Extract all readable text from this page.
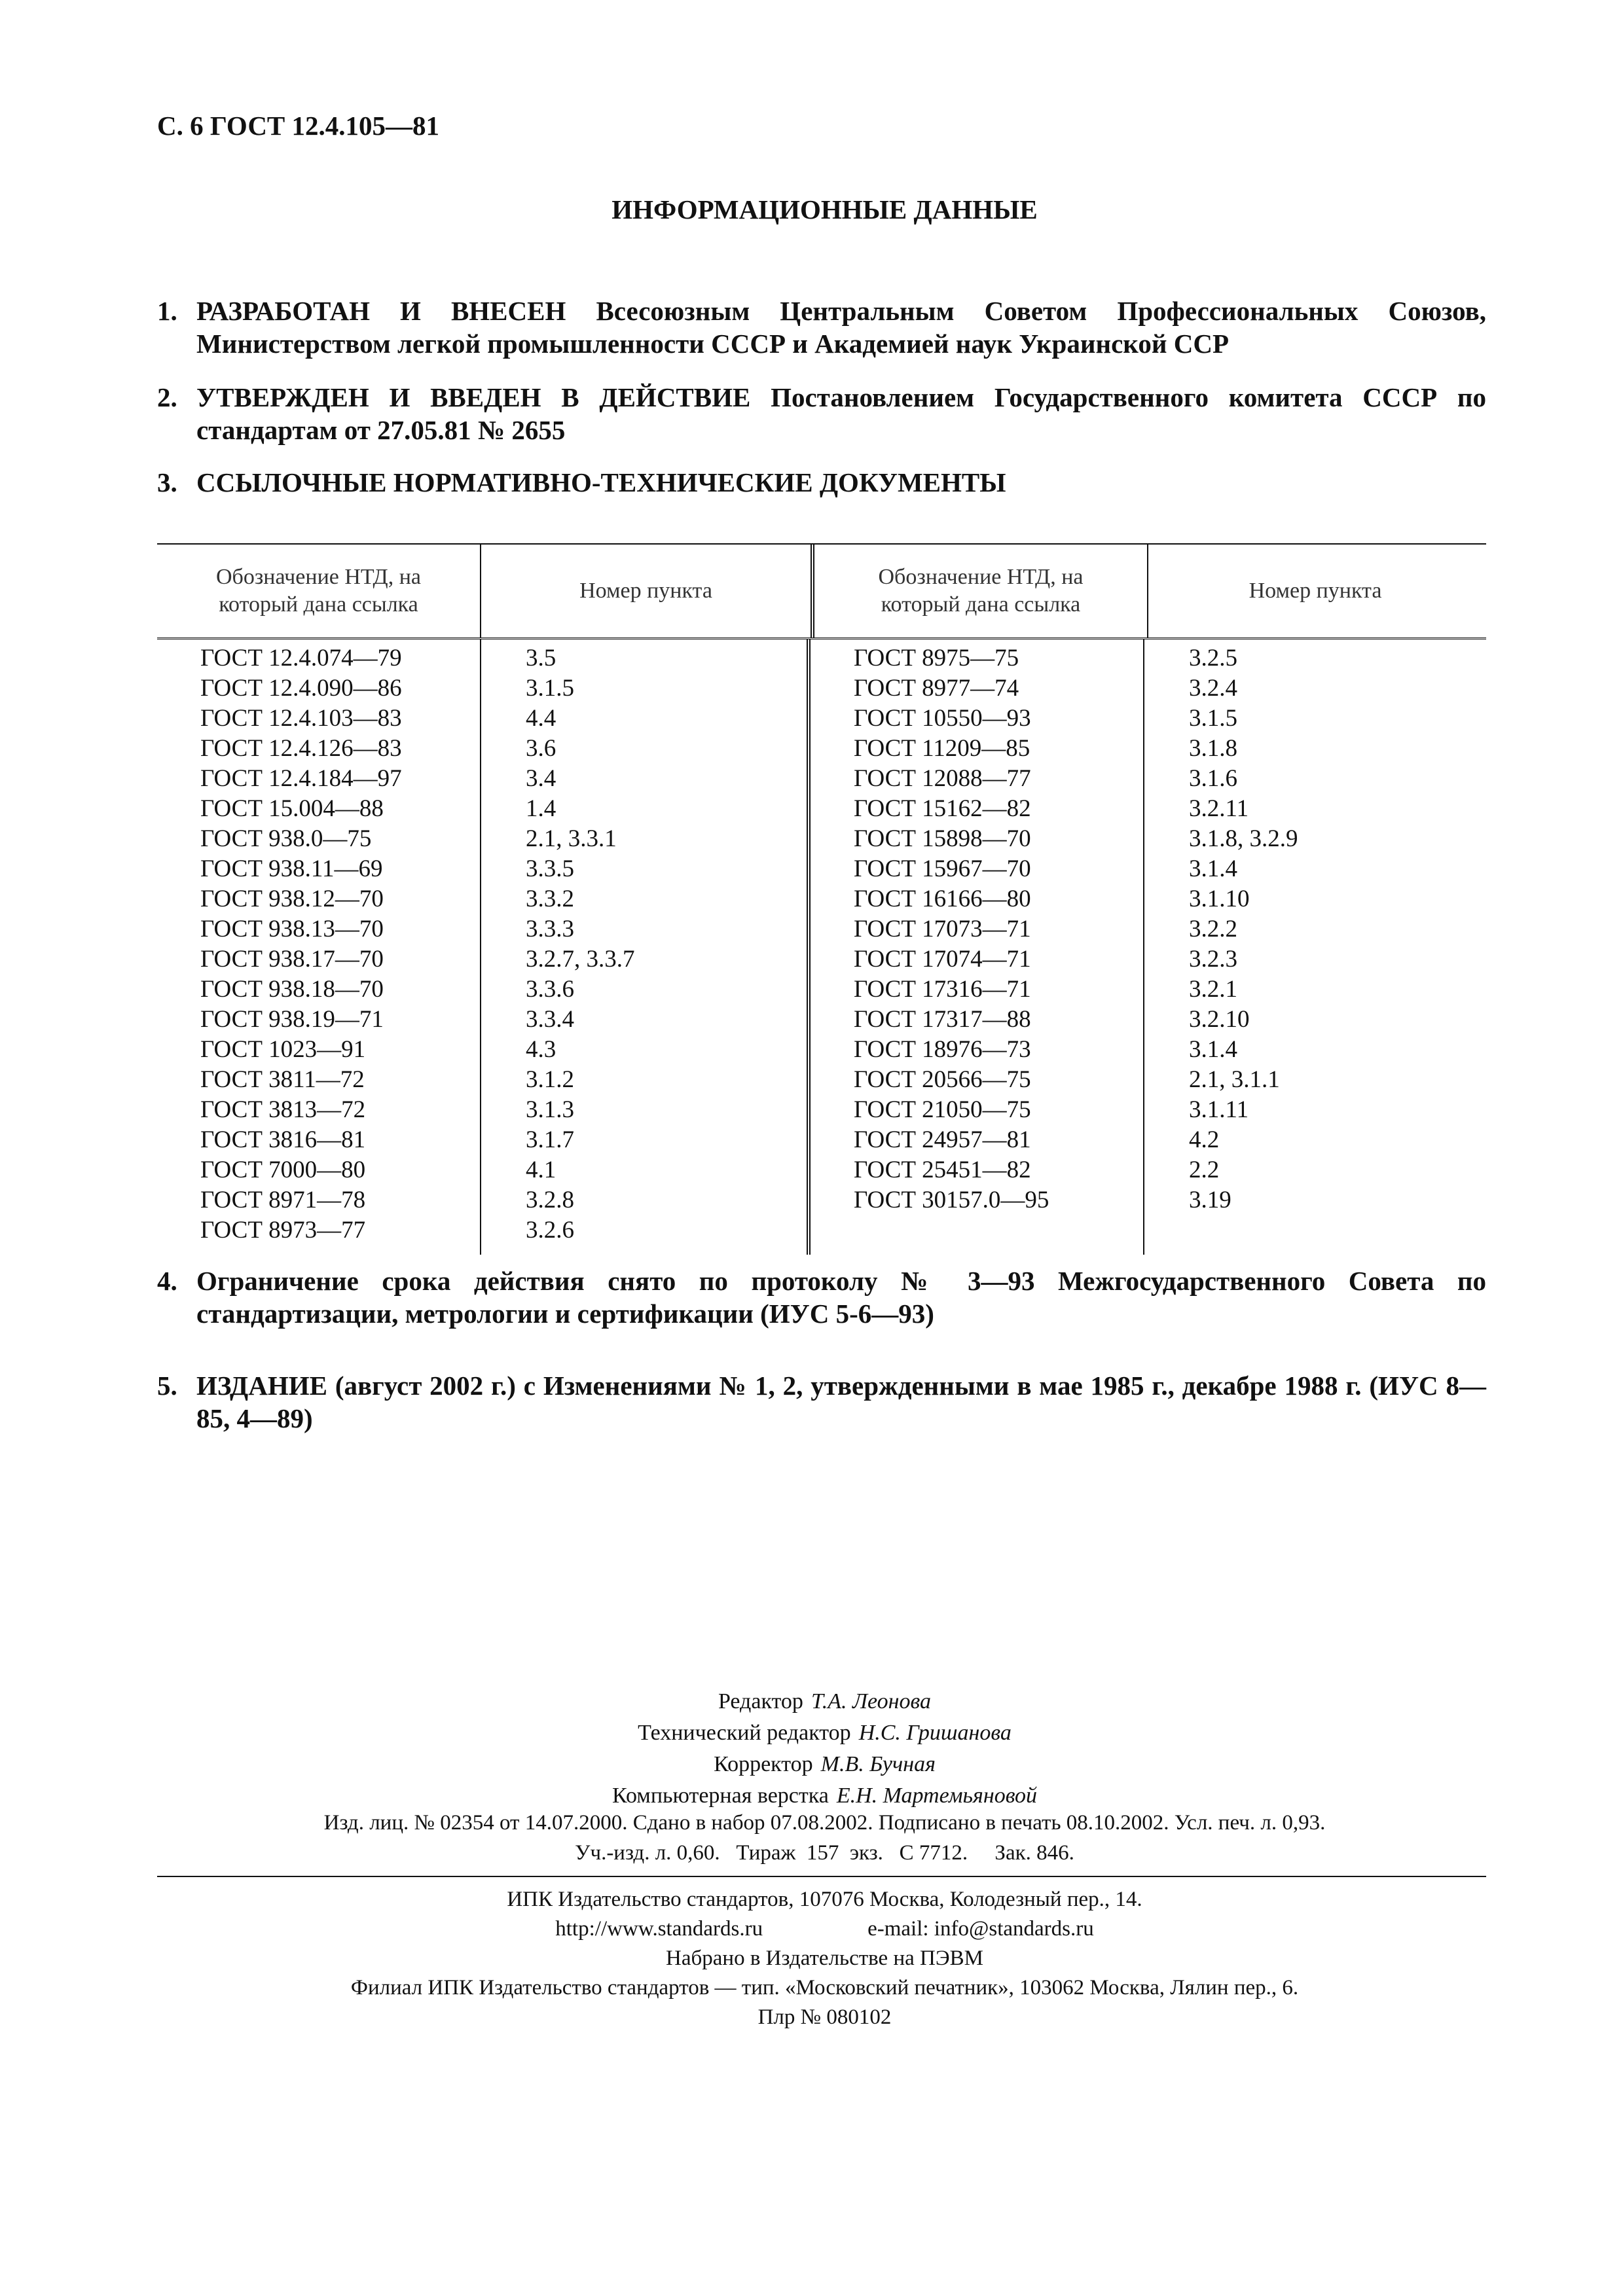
С. 6 ГОСТ 12.4.105—81
ИНФОРМАЦИОННЫЕ ДАННЫЕ
1. РАЗРАБОТАН И ВНЕСЕН Всесоюзным Центральным Советом Профессиональных Союзов, Министерством легкой промышленности СССР и Академией наук Украинской ССР
2. УТВЕРЖДЕН И ВВЕДЕН В ДЕЙСТВИЕ Постановлением Государственного комитета СССР по стандартам от 27.05.81 № 2655
3. ССЫЛОЧНЫЕ НОРМАТИВНО-ТЕХНИЧЕСКИЕ ДОКУМЕНТЫ
Обозначение НТД, на который дана ссылка
Номер пункта
Обозначение НТД, на который дана ссылка
Номер пункта
ГОСТ 12.4.074—79
ГОСТ 12.4.090—86
ГОСТ 12.4.103—83
ГОСТ 12.4.126—83
ГОСТ 12.4.184—97
ГОСТ 15.004—88
ГОСТ 938.0—75
ГОСТ 938.11—69
ГОСТ 938.12—70
ГОСТ 938.13—70
ГОСТ 938.17—70
ГОСТ 938.18—70
ГОСТ 938.19—71
ГОСТ 1023—91
ГОСТ 3811—72
ГОСТ 3813—72
ГОСТ 3816—81
ГОСТ 7000—80
ГОСТ 8971—78
ГОСТ 8973—77
3.5
3.1.5
4.4
3.6
3.4
1.4
2.1, 3.3.1
3.3.5
3.3.2
3.3.3
3.2.7, 3.3.7
3.3.6
3.3.4
4.3
3.1.2
3.1.3
3.1.7
4.1
3.2.8
3.2.6
ГОСТ 8975—75
ГОСТ 8977—74
ГОСТ 10550—93
ГОСТ 11209—85
ГОСТ 12088—77
ГОСТ 15162—82
ГОСТ 15898—70
ГОСТ 15967—70
ГОСТ 16166—80
ГОСТ 17073—71
ГОСТ 17074—71
ГОСТ 17316—71
ГОСТ 17317—88
ГОСТ 18976—73
ГОСТ 20566—75
ГОСТ 21050—75
ГОСТ 24957—81
ГОСТ 25451—82
ГОСТ 30157.0—95
3.2.5
3.2.4
3.1.5
3.1.8
3.1.6
3.2.11
3.1.8, 3.2.9
3.1.4
3.1.10
3.2.2
3.2.3
3.2.1
3.2.10
3.1.4
2.1, 3.1.1
3.1.11
4.2
2.2
3.19
4. Ограничение срока действия снято по протоколу № 3—93 Межгосударственного Совета по стандартизации, метрологии и сертификации (ИУС 5-6—93)
5. ИЗДАНИЕ (август 2002 г.) с Изменениями № 1, 2, утвержденными в мае 1985 г., декабре 1988 г. (ИУС 8—85, 4—89)
Редактор Т.А. Леонова
Технический редактор Н.С. Гришанова
Корректор М.В. Бучная
Компьютерная верстка Е.Н. Мартемьяновой
Изд. лиц. № 02354 от 14.07.2000. Сдано в набор 07.08.2002. Подписано в печать 08.10.2002. Усл. печ. л. 0,93.
Уч.-изд. л. 0,60.   Тираж  157  экз.   С 7712.     Зак. 846.
ИПК Издательство стандартов, 107076 Москва, Колодезный пер., 14.
http://www.standards.ru	e-mail: info@standards.ru
Набрано в Издательстве на ПЭВМ
Филиал ИПК Издательство стандартов — тип. «Московский печатник», 103062 Москва, Лялин пер., 6.
Плр № 080102
